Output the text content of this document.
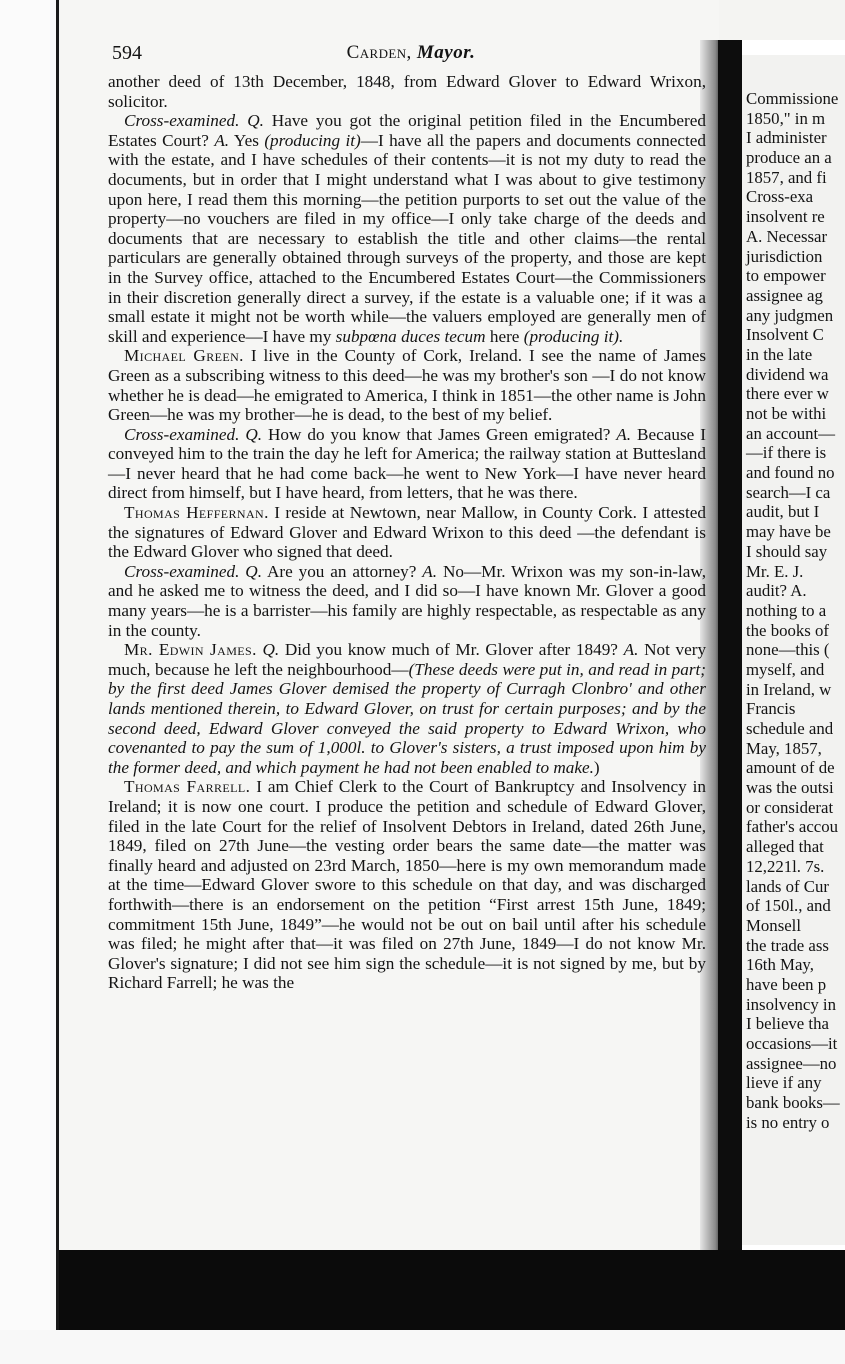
Commissione
1850," in m
I administer
produce an a
1857, and fi
Cross-exa
insolvent re
A. Necessar
jurisdiction
to empower
assignee ag
any judgmen
Insolvent C
in the late
dividend wa
there ever w
not be withi
an account—
—if there is
and found no
search—I ca
audit, but I
may have be
I should say
Mr. E. J.
audit? A.
nothing to a
the books of
none—this (
myself, and
in Ireland, w
Francis
schedule and
May, 1857,
amount of de
was the outsi
or considerat
father's accou
alleged that
12,221l. 7s.
lands of Cur
of 150l., and
Monsell
the trade ass
16th May,
have been p
insolvency in
I believe tha
occasions—it
assignee—no
lieve if any
bank books—
is no entry o
594	Carden, Mayor.

another deed of 13th December, 1848, from Edward Glover to Edward Wrixon, solicitor.

Cross-examined. Q. Have you got the original petition filed in the Encumbered Estates Court? A. Yes (producing it)—I have all the papers and documents connected with the estate, and I have schedules of their contents—it is not my duty to read the documents, but in order that I might understand what I was about to give testimony upon here, I read them this morning—the petition purports to set out the value of the property—no vouchers are filed in my office—I only take charge of the deeds and documents that are necessary to establish the title and other claims—the rental particulars are generally obtained through surveys of the property, and those are kept in the Survey office, attached to the Encumbered Estates Court—the Commissioners in their discretion generally direct a survey, if the estate is a valuable one; if it was a small estate it might not be worth while—the valuers employed are generally men of skill and experience—I have my subpœna duces tecum here (producing it).

Michael Green. I live in the County of Cork, Ireland. I see the name of James Green as a subscribing witness to this deed—he was my brother's son —I do not know whether he is dead—he emigrated to America, I think in 1851—the other name is John Green—he was my brother—he is dead, to the best of my belief.

Cross-examined. Q. How do you know that James Green emigrated? A. Because I conveyed him to the train the day he left for America; the railway station at Buttesland—I never heard that he had come back—he went to New York—I have never heard direct from himself, but I have heard, from letters, that he was there.

Thomas Heffernan. I reside at Newtown, near Mallow, in County Cork. I attested the signatures of Edward Glover and Edward Wrixon to this deed —the defendant is the Edward Glover who signed that deed.

Cross-examined. Q. Are you an attorney? A. No—Mr. Wrixon was my son-in-law, and he asked me to witness the deed, and I did so—I have known Mr. Glover a good many years—he is a barrister—his family are highly respectable, as respectable as any in the county.

Mr. Edwin James. Q. Did you know much of Mr. Glover after 1849? A. Not very much, because he left the neighbourhood—(These deeds were put in, and read in part; by the first deed James Glover demised the property of Curragh Clonbro' and other lands mentioned therein, to Edward Glover, on trust for certain purposes; and by the second deed, Edward Glover conveyed the said property to Edward Wrixon, who covenanted to pay the sum of 1,000l. to Glover's sisters, a trust imposed upon him by the former deed, and which payment he had not been enabled to make.)

Thomas Farrell. I am Chief Clerk to the Court of Bankruptcy and Insolvency in Ireland; it is now one court. I produce the petition and schedule of Edward Glover, filed in the late Court for the relief of Insolvent Debtors in Ireland, dated 26th June, 1849, filed on 27th June—the vesting order bears the same date—the matter was finally heard and adjusted on 23rd March, 1850—here is my own memorandum made at the time—Edward Glover swore to this schedule on that day, and was discharged forthwith—there is an endorsement on the petition “First arrest 15th June, 1849; commitment 15th June, 1849”—he would not be out on bail until after his schedule was filed; he might after that—it was filed on 27th June, 1849—I do not know Mr. Glover's signature; I did not see him sign the schedule—it is not signed by me, but by Richard Farrell; he was the
